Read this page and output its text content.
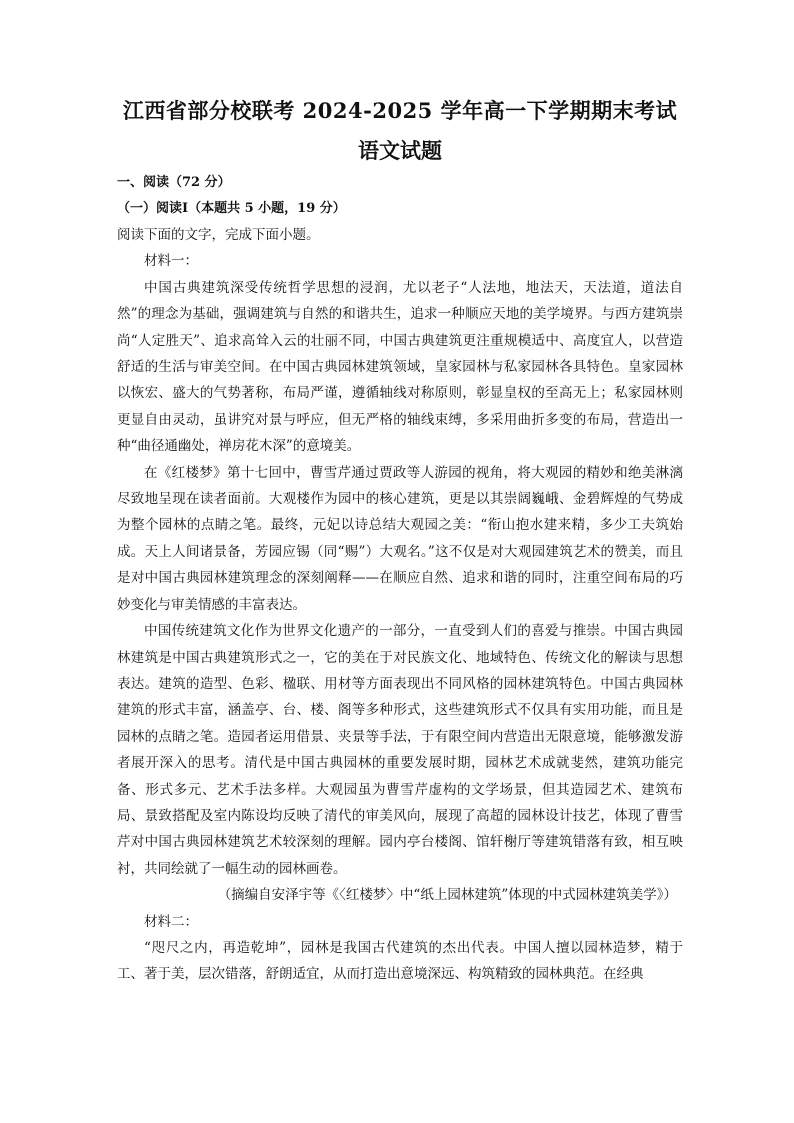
江西省部分校联考 2024-2025 学年高一下学期期末考试

语文试题

一、阅读（72 分）

（一）阅读Ⅰ（本题共 5 小题，19 分）

阅读下面的文字，完成下面小题。

材料一：

中国古典建筑深受传统哲学思想的浸润，尤以老子“人法地，地法天，天法道，道法自然”的理念为基础，强调建筑与自然的和谐共生，追求一种顺应天地的美学境界。与西方建筑崇尚“人定胜天”、追求高耸入云的壮丽不同，中国古典建筑更注重规模适中、高度宜人，以营造舒适的生活与审美空间。在中国古典园林建筑领域，皇家园林与私家园林各具特色。皇家园林以恢宏、盛大的气势著称，布局严谨，遵循轴线对称原则，彰显皇权的至高无上；私家园林则更显自由灵动，虽讲究对景与呼应，但无严格的轴线束缚，多采用曲折多变的布局，营造出一种“曲径通幽处，禅房花木深”的意境美。

在《红楼梦》第十七回中，曹雪芹通过贾政等人游园的视角，将大观园的精妙和绝美淋漓尽致地呈现在读者面前。大观楼作为园中的核心建筑，更是以其崇阔巍峨、金碧辉煌的气势成为整个园林的点睛之笔。最终，元妃以诗总结大观园之美：“衔山抱水建来精，多少工夫筑始成。天上人间诸景备，芳园应锡（同“赐”）大观名。”这不仅是对大观园建筑艺术的赞美，而且是对中国古典园林建筑理念的深刻阐释——在顺应自然、追求和谐的同时，注重空间布局的巧妙变化与审美情感的丰富表达。

中国传统建筑文化作为世界文化遗产的一部分，一直受到人们的喜爱与推崇。中国古典园林建筑是中国古典建筑形式之一，它的美在于对民族文化、地域特色、传统文化的解读与思想表达。建筑的造型、色彩、楹联、用材等方面表现出不同风格的园林建筑特色。中国古典园林建筑的形式丰富，涵盖亭、台、楼、阁等多种形式，这些建筑形式不仅具有实用功能，而且是园林的点睛之笔。造园者运用借景、夹景等手法，于有限空间内营造出无限意境，能够激发游者展开深入的思考。清代是中国古典园林的重要发展时期，园林艺术成就斐然，建筑功能完备、形式多元、艺术手法多样。大观园虽为曹雪芹虚构的文学场景，但其造园艺术、建筑布局、景致搭配及室内陈设均反映了清代的审美风向，展现了高超的园林设计技艺，体现了曹雪芹对中国古典园林建筑艺术较深刻的理解。园内亭台楼阁、馆轩榭厅等建筑错落有致，相互映衬，共同绘就了一幅生动的园林画卷。

（摘编自安泽宇等《〈红楼梦〉中“纸上园林建筑”体现的中式园林建筑美学》）

材料二：

“咫尺之内，再造乾坤”，园林是我国古代建筑的杰出代表。中国人擅以园林造梦，精于工、著于美，层次错落，舒朗适宜，从而打造出意境深远、构筑精致的园林典范。在经典
